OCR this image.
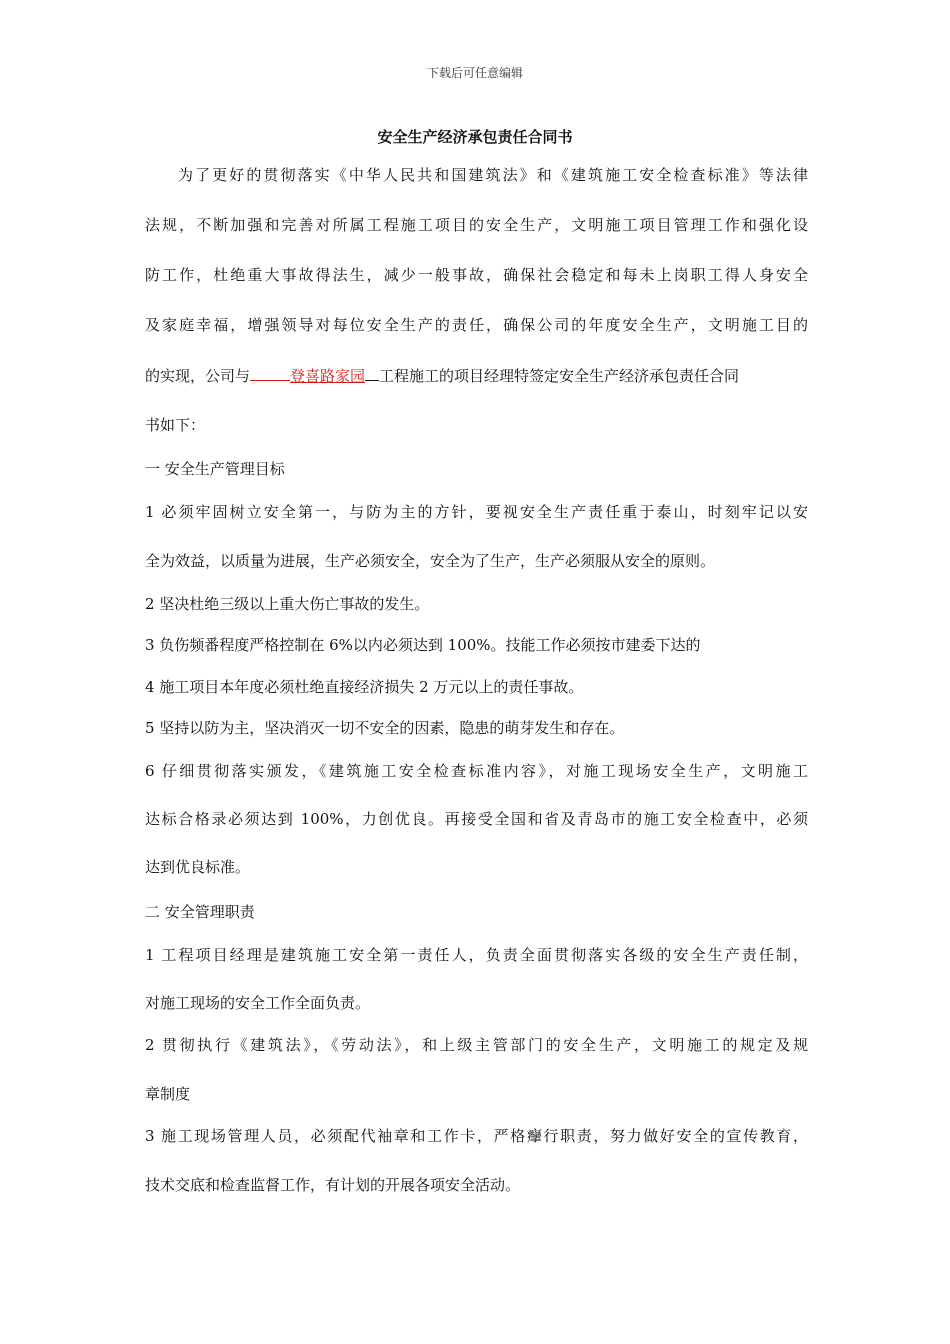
下载后可任意编辑
安全生产经济承包责任合同书
为了更好的贯彻落实《中华人民共和国建筑法》和《建筑施工安全检查标准》等法律
法规，不断加强和完善对所属工程施工项目的安全生产，文明施工项目管理工作和强化设
防工作，杜绝重大事故得法生，减少一般事故，确保社会稳定和每未上岗职工得人身安全
及家庭幸福，增强领导对每位安全生产的责任，确保公司的年度安全生产，文明施工目的
的实现，公司与	登喜路家园 工程施工的项目经理特签定安全生产经济承包责任合同
书如下：
一 安全生产管理目标
1 必须牢固树立安全第一，与防为主的方针，要视安全生产责任重于泰山，时刻牢记以安
全为效益，以质量为进展，生产必须安全，安全为了生产，生产必须服从安全的原则。
2 坚决杜绝三级以上重大伤亡事故的发生。
3 负伤频番程度严格控制在 6%以内必须达到 100%。技能工作必须按市建委下达的
4 施工项目本年度必须杜绝直接经济损失 2 万元以上的责任事故。
5 坚持以防为主，坚决消灭一切不安全的因素，隐患的萌芽发生和存在。
6 仔细贯彻落实颁发，《建筑施工安全检查标准内容》，对施工现场安全生产，文明施工
达标合格录必须达到 100%，力创优良。再接受全国和省及青岛市的施工安全检查中，必须
达到优良标准。
二 安全管理职责
1 工程项目经理是建筑施工安全第一责任人，负责全面贯彻落实各级的安全生产责任制，
对施工现场的安全工作全面负责。
2 贯彻执行《建筑法》，《劳动法》，和上级主管部门的安全生产，文明施工的规定及规
章制度
3 施工现场管理人员，必须配代袖章和工作卡，严格癴行职责，努力做好安全的宣传教育，
技术交底和检查监督工作，有计划的开展各项安全活动。
